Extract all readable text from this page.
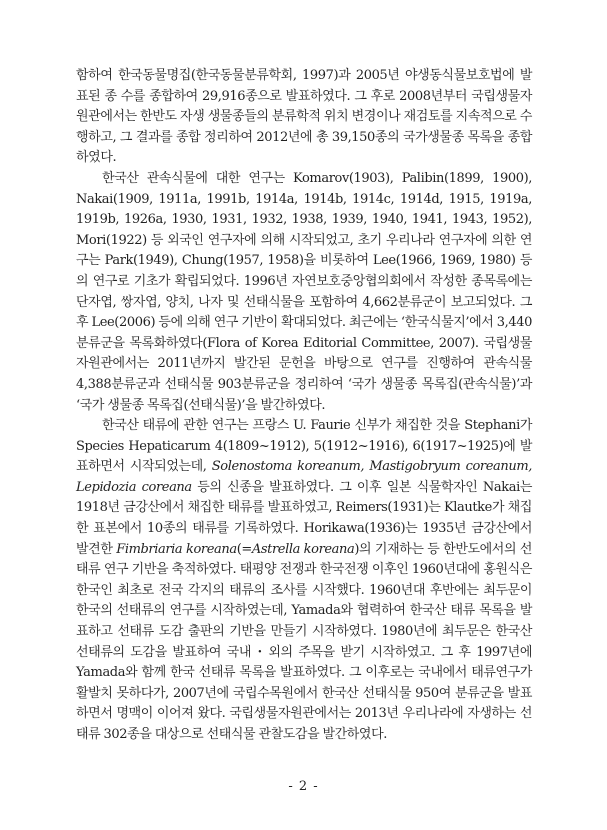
함하여 한국동물명집(한국동물분류학회, 1997)과 2005년 야생동식물보호법에 발표된 종 수를 종합하여 29,916종으로 발표하였다. 그 후로 2008년부터 국립생물자원관에서는 한반도 자생 생물종들의 분류학적 위치 변경이나 재검토를 지속적으로 수행하고, 그 결과를 종합 정리하여 2012년에 총 39,150종의 국가생물종 목록을 종합하였다.

한국산 관속식물에 대한 연구는 Komarov(1903), Palibin(1899, 1900), Nakai(1909, 1911a, 1991b, 1914a, 1914b, 1914c, 1914d, 1915, 1919a, 1919b, 1926a, 1930, 1931, 1932, 1938, 1939, 1940, 1941, 1943, 1952), Mori(1922) 등 외국인 연구자에 의해 시작되었고, 초기 우리나라 연구자에 의한 연구는 Park(1949), Chung(1957, 1958)을 비롯하여 Lee(1966, 1969, 1980) 등의 연구로 기초가 확립되었다. 1996년 자연보호중앙협의회에서 작성한 종목록에는 단자엽, 쌍자엽, 양치, 나자 및 선태식물을 포함하여 4,662분류군이 보고되었다. 그 후 Lee(2006) 등에 의해 연구 기반이 확대되었다. 최근에는 ‘한국식물지’에서 3,440분류군을 목록화하였다(Flora of Korea Editorial Committee, 2007). 국립생물자원관에서는 2011년까지 발간된 문헌을 바탕으로 연구를 진행하여 관속식물 4,388분류군과 선태식물 903분류군을 정리하여 ‘국가 생물종 목록집(관속식물)’과 ‘국가 생물종 목록집(선태식물)’을 발간하였다.

한국산 태류에 관한 연구는 프랑스 U. Faurie 신부가 채집한 것을 Stephani가 Species Hepaticarum 4(1809~1912), 5(1912~1916), 6(1917~1925)에 발표하면서 시작되었는데, Solenostoma koreanum, Mastigobryum coreanum, Lepidozia coreana 등의 신종을 발표하였다. 그 이후 일본 식물학자인 Nakai는 1918년 금강산에서 채집한 태류를 발표하였고, Reimers(1931)는 Klautke가 채집한 표본에서 10종의 태류를 기록하였다. Horikawa(1936)는 1935년 금강산에서 발견한 Fimbriaria koreana(=Astrella koreana)의 기재하는 등 한반도에서의 선태류 연구 기반을 축적하였다. 태평양 전쟁과 한국전쟁 이후인 1960년대에 홍원식은 한국인 최초로 전국 각지의 태류의 조사를 시작했다. 1960년대 후반에는 최두문이 한국의 선태류의 연구를 시작하였는데, Yamada와 협력하여 한국산 태류 목록을 발표하고 선태류 도감 출판의 기반을 만들기 시작하였다. 1980년에 최두문은 한국산 선태류의 도감을 발표하여 국내・외의 주목을 받기 시작하였고. 그 후 1997년에 Yamada와 함께 한국 선태류 목록을 발표하였다. 그 이후로는 국내에서 태류연구가 활발치 못하다가, 2007년에 국립수목원에서 한국산 선태식물 950여 분류군을 발표하면서 명맥이 이어져 왔다. 국립생물자원관에서는 2013년 우리나라에 자생하는 선태류 302종을 대상으로 선태식물 관찰도감을 발간하였다.

- 2 -
